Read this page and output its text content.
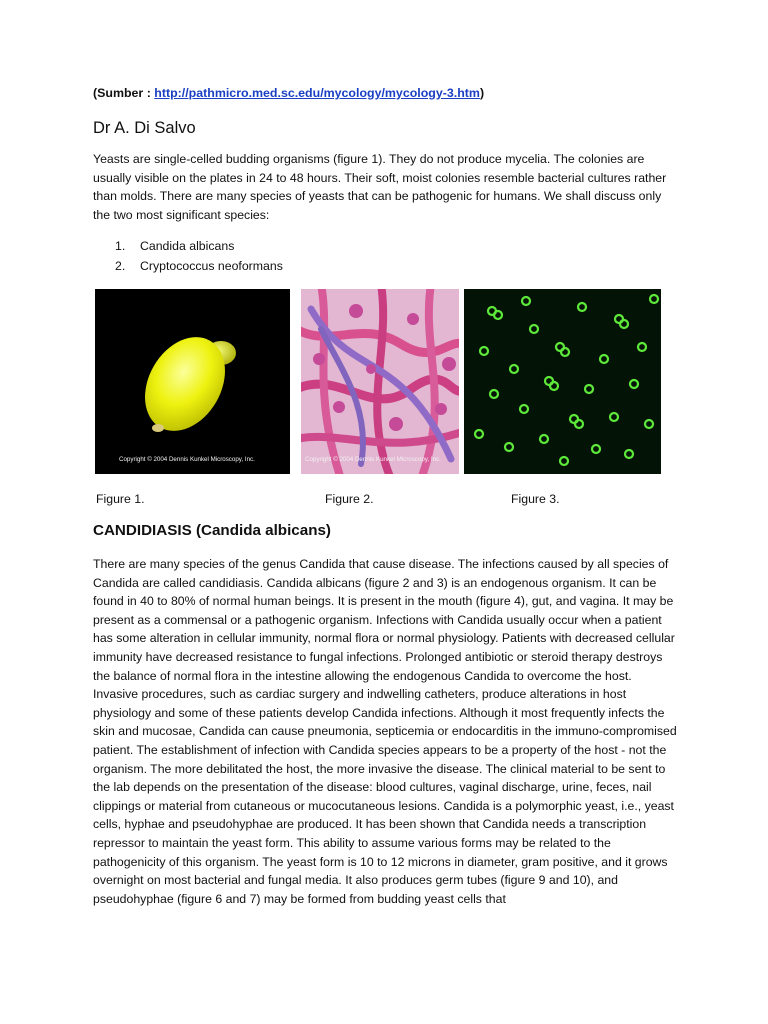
(Sumber : http://pathmicro.med.sc.edu/mycology/mycology-3.htm)
Dr A. Di Salvo

Yeasts are single-celled budding organisms (figure 1). They do not produce mycelia. The colonies are usually visible on the plates in 24 to 48 hours. Their soft, moist colonies resemble bacterial cultures rather than molds. There are many species of yeasts that can be pathogenic for humans. We shall discuss only the two most significant species:

1. Candida albicans
2. Cryptococcus neoformans
Copyright © 2004 Dennis Kunkel Microscopy, Inc.	Copyright © 2004 Dennis Kunkel Microscopy, Inc.
Figure 1.	Figure 2.	Figure 3.
CANDIDIASIS (Candida albicans)

There are many species of the genus Candida that cause disease. The infections caused by all species of Candida are called candidiasis. Candida albicans (figure 2 and 3) is an endogenous organism. It can be found in 40 to 80% of normal human beings. It is present in the mouth (figure 4), gut, and vagina. It may be present as a commensal or a pathogenic organism. Infections with Candida usually occur when a patient has some alteration in cellular immunity, normal flora or normal physiology. Patients with decreased cellular immunity have decreased resistance to fungal infections. Prolonged antibiotic or steroid therapy destroys the balance of normal flora in the intestine allowing the endogenous Candida to overcome the host. Invasive procedures, such as cardiac surgery and indwelling catheters, produce alterations in host physiology and some of these patients develop Candida infections. Although it most frequently infects the skin and mucosae, Candida can cause pneumonia, septicemia or endocarditis in the immuno-compromised patient. The establishment of infection with Candida species appears to be a property of the host - not the organism. The more debilitated the host, the more invasive the disease. The clinical material to be sent to the lab depends on the presentation of the disease: blood cultures, vaginal discharge, urine, feces, nail clippings or material from cutaneous or mucocutaneous lesions. Candida is a polymorphic yeast, i.e., yeast cells, hyphae and pseudohyphae are produced. It has been shown that Candida needs a transcription repressor to maintain the yeast form. This ability to assume various forms may be related to the pathogenicity of this organism. The yeast form is 10 to 12 microns in diameter, gram positive, and it grows overnight on most bacterial and fungal media. It also produces germ tubes (figure 9 and 10), and pseudohyphae (figure 6 and 7) may be formed from budding yeast cells that
